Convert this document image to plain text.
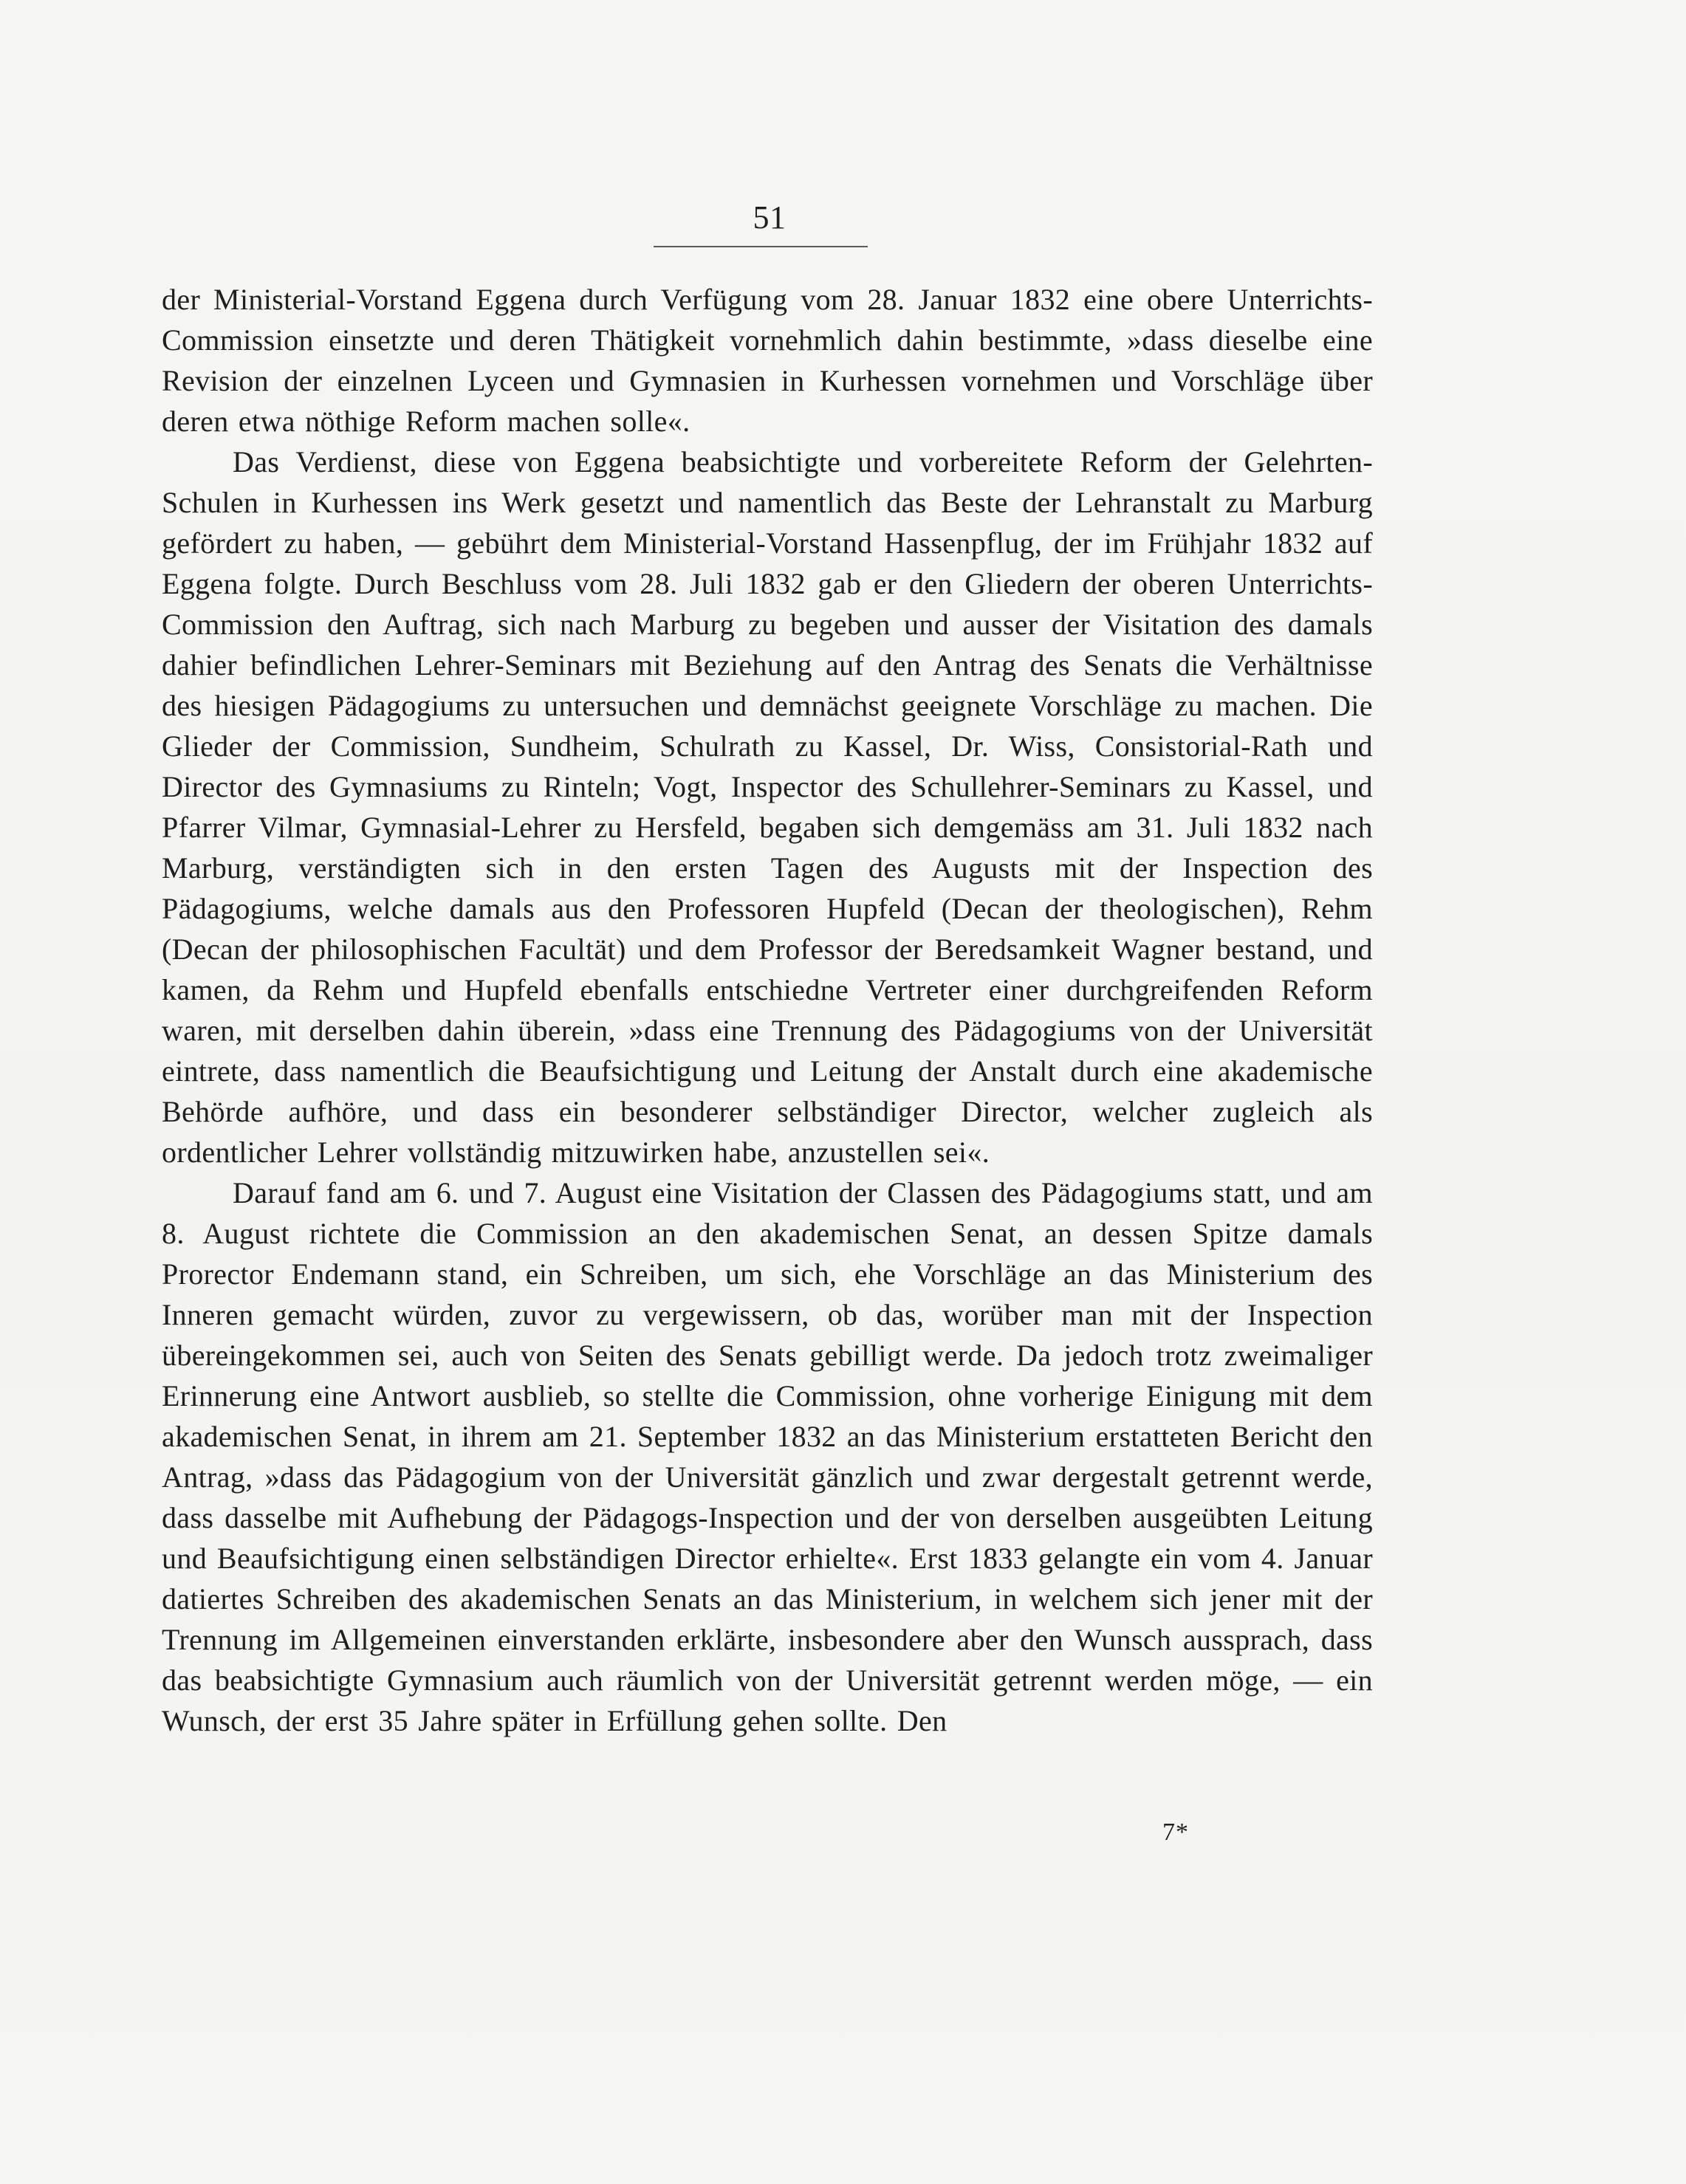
51

der Ministerial-Vorstand Eggena durch Verfügung vom 28. Januar 1832 eine obere Unterrichts-Commission einsetzte und deren Thätigkeit vornehmlich dahin bestimmte, »dass dieselbe eine Revision der einzelnen Lyceen und Gymnasien in Kurhessen vornehmen und Vorschläge über deren etwa nöthige Reform machen solle«.

Das Verdienst, diese von Eggena beabsichtigte und vorbereitete Reform der Gelehrten-Schulen in Kurhessen ins Werk gesetzt und namentlich das Beste der Lehranstalt zu Marburg gefördert zu haben, — gebührt dem Ministerial-Vorstand Hassenpflug, der im Frühjahr 1832 auf Eggena folgte. Durch Beschluss vom 28. Juli 1832 gab er den Gliedern der oberen Unterrichts-Commission den Auftrag, sich nach Marburg zu begeben und ausser der Visitation des damals dahier befindlichen Lehrer-Seminars mit Beziehung auf den Antrag des Senats die Verhältnisse des hiesigen Pädagogiums zu untersuchen und demnächst geeignete Vorschläge zu machen. Die Glieder der Commission, Sundheim, Schulrath zu Kassel, Dr. Wiss, Consistorial-Rath und Director des Gymnasiums zu Rinteln; Vogt, Inspector des Schullehrer-Seminars zu Kassel, und Pfarrer Vilmar, Gymnasial-Lehrer zu Hersfeld, begaben sich demgemäss am 31. Juli 1832 nach Marburg, verständigten sich in den ersten Tagen des Augusts mit der Inspection des Pädagogiums, welche damals aus den Professoren Hupfeld (Decan der theologischen), Rehm (Decan der philosophischen Facultät) und dem Professor der Beredsamkeit Wagner bestand, und kamen, da Rehm und Hupfeld ebenfalls entschiedne Vertreter einer durchgreifenden Reform waren, mit derselben dahin überein, »dass eine Trennung des Pädagogiums von der Universität eintrete, dass namentlich die Beaufsichtigung und Leitung der Anstalt durch eine akademische Behörde aufhöre, und dass ein besonderer selbständiger Director, welcher zugleich als ordentlicher Lehrer vollständig mitzuwirken habe, anzustellen sei«.

Darauf fand am 6. und 7. August eine Visitation der Classen des Pädagogiums statt, und am 8. August richtete die Commission an den akademischen Senat, an dessen Spitze damals Prorector Endemann stand, ein Schreiben, um sich, ehe Vorschläge an das Ministerium des Inneren gemacht würden, zuvor zu vergewissern, ob das, worüber man mit der Inspection übereingekommen sei, auch von Seiten des Senats gebilligt werde. Da jedoch trotz zweimaliger Erinnerung eine Antwort ausblieb, so stellte die Commission, ohne vorherige Einigung mit dem akademischen Senat, in ihrem am 21. September 1832 an das Ministerium erstatteten Bericht den Antrag, »dass das Pädagogium von der Universität gänzlich und zwar dergestalt getrennt werde, dass dasselbe mit Aufhebung der Pädagogs-Inspection und der von derselben ausgeübten Leitung und Beaufsichtigung einen selbständigen Director erhielte«. Erst 1833 gelangte ein vom 4. Januar datiertes Schreiben des akademischen Senats an das Ministerium, in welchem sich jener mit der Trennung im Allgemeinen einverstanden erklärte, insbesondere aber den Wunsch aussprach, dass das beabsichtigte Gymnasium auch räumlich von der Universität getrennt werden möge, — ein Wunsch, der erst 35 Jahre später in Erfüllung gehen sollte. Den

7*
